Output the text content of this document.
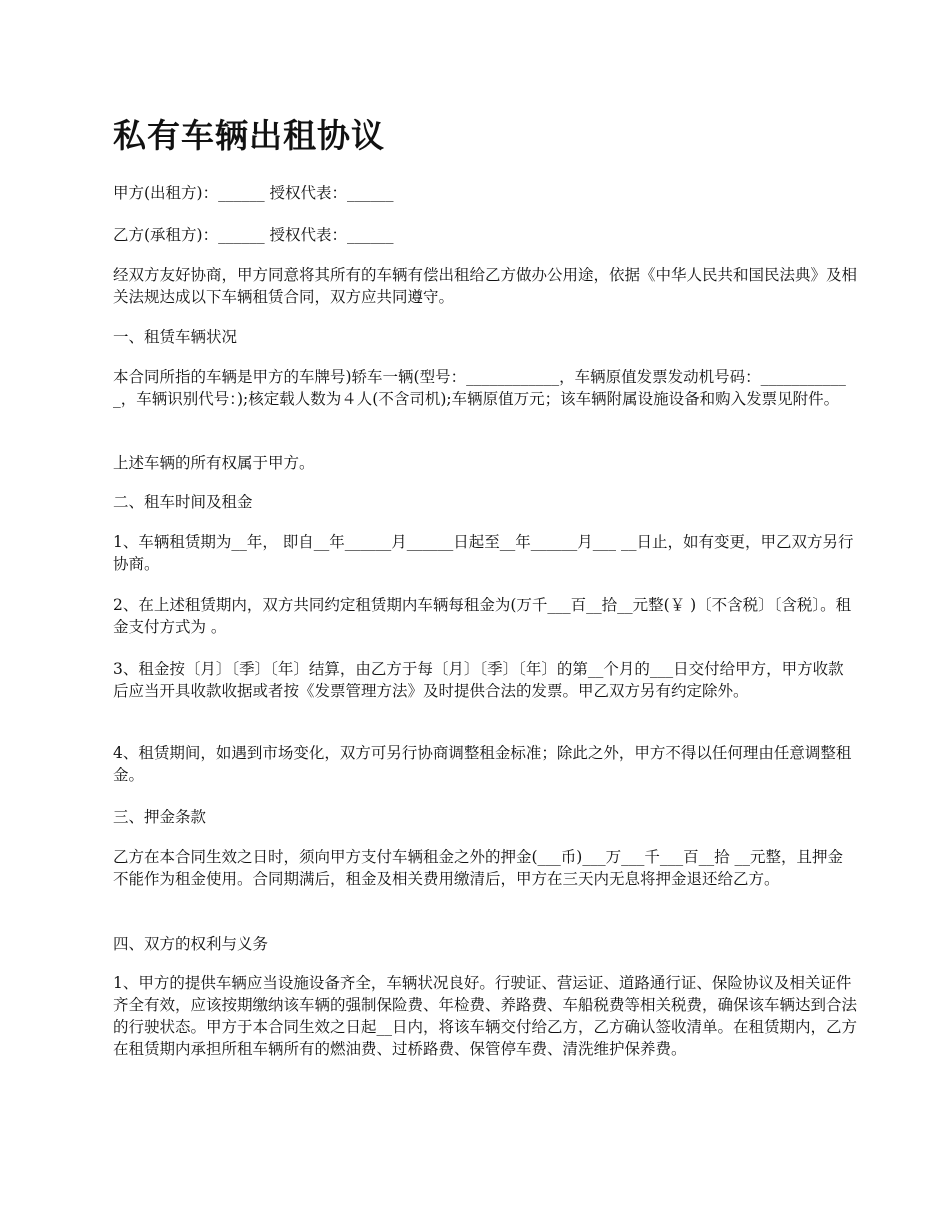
私有车辆出租协议

甲方(出租方)：______ 授权代表：______

乙方(承租方)：______ 授权代表：______

经双方友好协商，甲方同意将其所有的车辆有偿出租给乙方做办公用途，依据《中华人民共和国民法典》及相关法规达成以下车辆租赁合同，双方应共同遵守。

一、租赁车辆状况

本合同所指的车辆是甲方的车牌号)轿车一辆(型号：____________，车辆原值发票发动机号码：____________，车辆识别代号：);核定载人数为４人(不含司机);车辆原值万元；该车辆附属设施设备和购入发票见附件。

上述车辆的所有权属于甲方。

二、租车时间及租金

1、车辆租赁期为__年， 即自__年______月______日起至__年______月___ __日止，如有变更，甲乙双方另行协商。

2、在上述租赁期内，双方共同约定租赁期内车辆每租金为(万千___百__拾__元整(￥ )〔不含税〕〔含税〕。租金支付方式为 。

3、租金按〔月〕〔季〕〔年〕结算，由乙方于每〔月〕〔季〕〔年〕的第__个月的___日交付给甲方，甲方收款后应当开具收款收据或者按《发票管理方法》及时提供合法的发票。甲乙双方另有约定除外。

4、租赁期间，如遇到市场变化，双方可另行协商调整租金标准；除此之外，甲方不得以任何理由任意调整租金。

三、押金条款

乙方在本合同生效之日时，须向甲方支付车辆租金之外的押金(___币)___万___千___百__拾 __元整，且押金不能作为租金使用。合同期满后，租金及相关费用缴清后，甲方在三天内无息将押金退还给乙方。

四、双方的权利与义务

1、甲方的提供车辆应当设施设备齐全，车辆状况良好。行驶证、营运证、道路通行证、保险协议及相关证件齐全有效，应该按期缴纳该车辆的强制保险费、年检费、养路费、车船税费等相关税费，确保该车辆达到合法的行驶状态。甲方于本合同生效之日起__日内，将该车辆交付给乙方，乙方确认签收清单。在租赁期内，乙方在租赁期内承担所租车辆所有的燃油费、过桥路费、保管停车费、清洗维护保养费。
